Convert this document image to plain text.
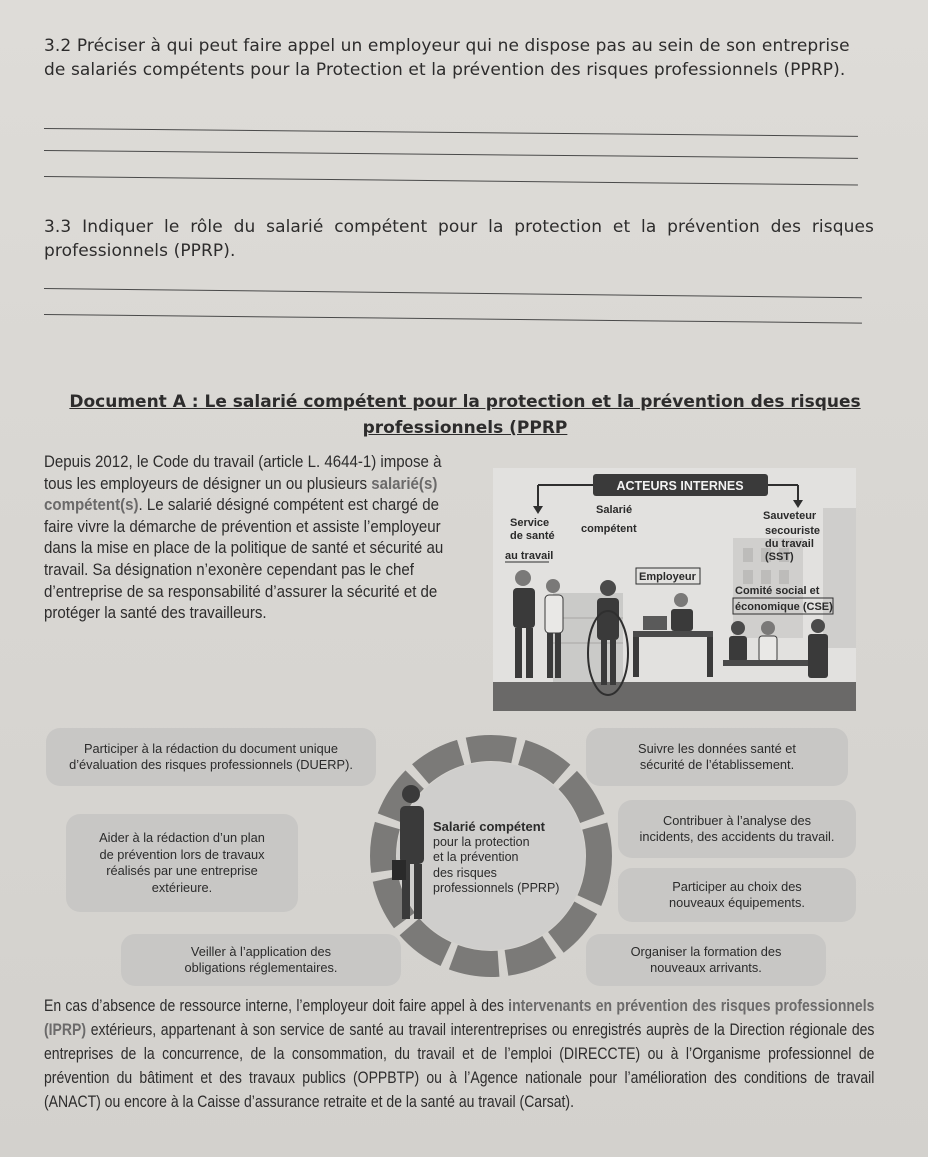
3.2 Préciser à qui peut faire appel un employeur qui ne dispose pas au sein de son entreprise de salariés compétents pour la Protection et la prévention des risques professionnels (PPRP).
3.3 Indiquer le rôle du salarié compétent pour la protection et la prévention des risques professionnels (PPRP).
Document A : Le salarié compétent pour la protection et la prévention des risques
professionnels (PPRP
Depuis 2012, le Code du travail (article L. 4644-1) impose à tous les employeurs de désigner un ou plusieurs salarié(s) compétent(s). Le salarié désigné compétent est chargé de faire vivre la démarche de prévention et assiste l’employeur dans la mise en place de la politique de santé et sécurité au travail. Sa désignation n’exonère cependant pas le chef d’entreprise de sa responsabilité d’assurer la sécurité et de protéger la santé des travailleurs.
ACTEURS INTERNES
Service
de santé
au travail
Salarié
compétent
Sauveteur
secouriste
du travail
(SST)
Employeur
Comité social et
économique (CSE)
Salarié compétent
pour la protection
et la prévention
des risques
professionnels (PPRP)
Participer à la rédaction du document unique
d’évaluation des risques professionnels (DUERP).
Aider à la rédaction d’un plan
de prévention lors de travaux
réalisés par une entreprise
extérieure.
Veiller à l’application des
obligations réglementaires.
Suivre les données santé et
sécurité de l’établissement.
Contribuer à l’analyse des
incidents, des accidents du travail.
Participer au choix des
nouveaux équipements.
Organiser la formation des
nouveaux arrivants.
En cas d’absence de ressource interne, l’employeur doit faire appel à des intervenants en prévention des risques professionnels (IPRP) extérieurs, appartenant à son service de santé au travail interentreprises ou enregistrés auprès de la Direction régionale des entreprises de la concurrence, de la consommation, du travail et de l’emploi (DIRECCTE) ou à l’Organisme professionnel de prévention du bâtiment et des travaux publics (OPPBTP) ou à l’Agence nationale pour l’amélioration des conditions de travail (ANACT) ou encore à la Caisse d’assurance retraite et de la santé au travail (Carsat).
